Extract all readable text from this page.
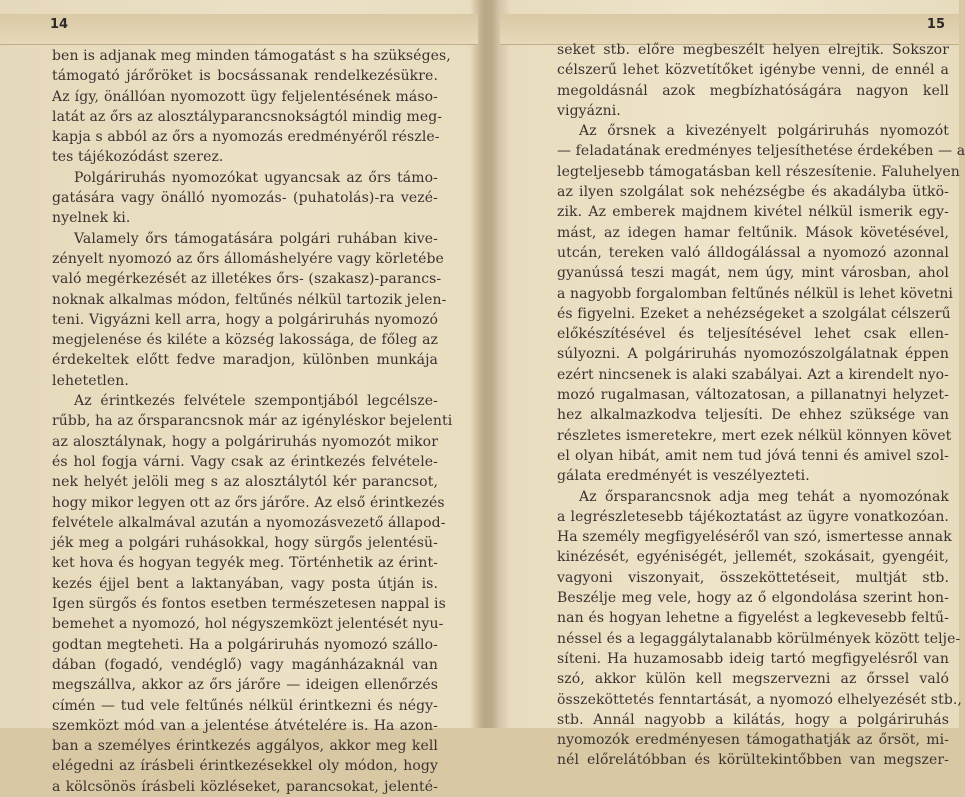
14
ben is adjanak meg minden támogatást s ha szükséges,
támogató járőröket is bocsássanak rendelkezésükre.
Az így, önállóan nyomozott ügy feljelentésének máso-
latát az őrs az alosztályparancsnokságtól mindig meg-
kapja s abból az őrs a nyomozás eredményéről részle-
tes tájékozódást szerez.
Polgáriruhás nyomozókat ugyancsak az őrs támo-
gatására vagy önálló nyomozás- (puhatolás)-ra vezé-
nyelnek ki.
Valamely őrs támogatására polgári ruhában kive-
zényelt nyomozó az őrs állomáshelyére vagy körletébe
való megérkezését az illetékes őrs- (szakasz)-parancs-
noknak alkalmas módon, feltűnés nélkül tartozik jelen-
teni. Vigyázni kell arra, hogy a polgáriruhás nyomozó
megjelenése és kiléte a község lakossága, de főleg az
érdekeltek előtt fedve maradjon, különben munkája
lehetetlen.
Az érintkezés felvétele szempontjából legcélsze-
rűbb, ha az őrsparancsnok már az igényléskor bejelenti
az alosztálynak, hogy a polgáriruhás nyomozót mikor
és hol fogja várni. Vagy csak az érintkezés felvétele-
nek helyét jelöli meg s az alosztálytól kér parancsot,
hogy mikor legyen ott az őrs járőre. Az első érintkezés
felvétele alkalmával azután a nyomozásvezető állapod-
jék meg a polgári ruhásokkal, hogy sürgős jelentésü-
ket hova és hogyan tegyék meg. Történhetik az érint-
kezés éjjel bent a laktanyában, vagy posta útján is.
Igen sürgős és fontos esetben természetesen nappal is
bemehet a nyomozó, hol négyszemközt jelentését nyu-
godtan megteheti. Ha a polgáriruhás nyomozó szállo-
dában (fogadó, vendéglő) vagy magánházaknál van
megszállva, akkor az őrs járőre — ideigen ellenőrzés
címén — tud vele feltűnés nélkül érintkezni és négy-
szemközt mód van a jelentése átvételére is. Ha azon-
ban a személyes érintkezés aggályos, akkor meg kell
elégedni az írásbeli érintkezésekkel oly módon, hogy
a kölcsönös írásbeli közléseket, parancsokat, jelenté-
15
seket stb. előre megbeszélt helyen elrejtik. Sokszor
célszerű lehet közvetítőket igénybe venni, de ennél a
megoldásnál azok megbízhatóságára nagyon kell
vigyázni.
Az őrsnek a kivezényelt polgáriruhás nyomozót
— feladatának eredményes teljesíthetése érdekében — a
legteljesebb támogatásban kell részesítenie. Faluhelyen
az ilyen szolgálat sok nehézségbe és akadályba ütkö-
zik. Az emberek majdnem kivétel nélkül ismerik egy-
mást, az idegen hamar feltűnik. Mások követésével,
utcán, tereken való álldogálással a nyomozó azonnal
gyanússá teszi magát, nem úgy, mint városban, ahol
a nagyobb forgalomban feltűnés nélkül is lehet követni
és figyelni. Ezeket a nehézségeket a szolgálat célszerű
előkészítésével és teljesítésével lehet csak ellen-
súlyozni. A polgáriruhás nyomozószolgálatnak éppen
ezért nincsenek is alaki szabályai. Azt a kirendelt nyo-
mozó rugalmasan, változatosan, a pillanatnyi helyzet-
hez alkalmazkodva teljesíti. De ehhez szüksége van
részletes ismeretekre, mert ezek nélkül könnyen követ
el olyan hibát, amit nem tud jóvá tenni és amivel szol-
gálata eredményét is veszélyezteti.
Az őrsparancsnok adja meg tehát a nyomozónak
a legrészletesebb tájékoztatást az ügyre vonatkozóan.
Ha személy megfigyeléséről van szó, ismertesse annak
kinézését, egyéniségét, jellemét, szokásait, gyengéit,
vagyoni viszonyait, összeköttetéseit, multját stb.
Beszélje meg vele, hogy az ő elgondolása szerint hon-
nan és hogyan lehetne a figyelést a legkevesebb feltű-
néssel és a legaggálytalanabb körülmények között telje-
síteni. Ha huzamosabb ideig tartó megfigyelésről van
szó, akkor külön kell megszervezni az őrssel való
összeköttetés fenntartását, a nyomozó elhelyezését stb.,
stb. Annál nagyobb a kilátás, hogy a polgáriruhás
nyomozók eredményesen támogathatják az őrsöt, mi-
nél előrelátóbban és körültekintőbben van megszer-
